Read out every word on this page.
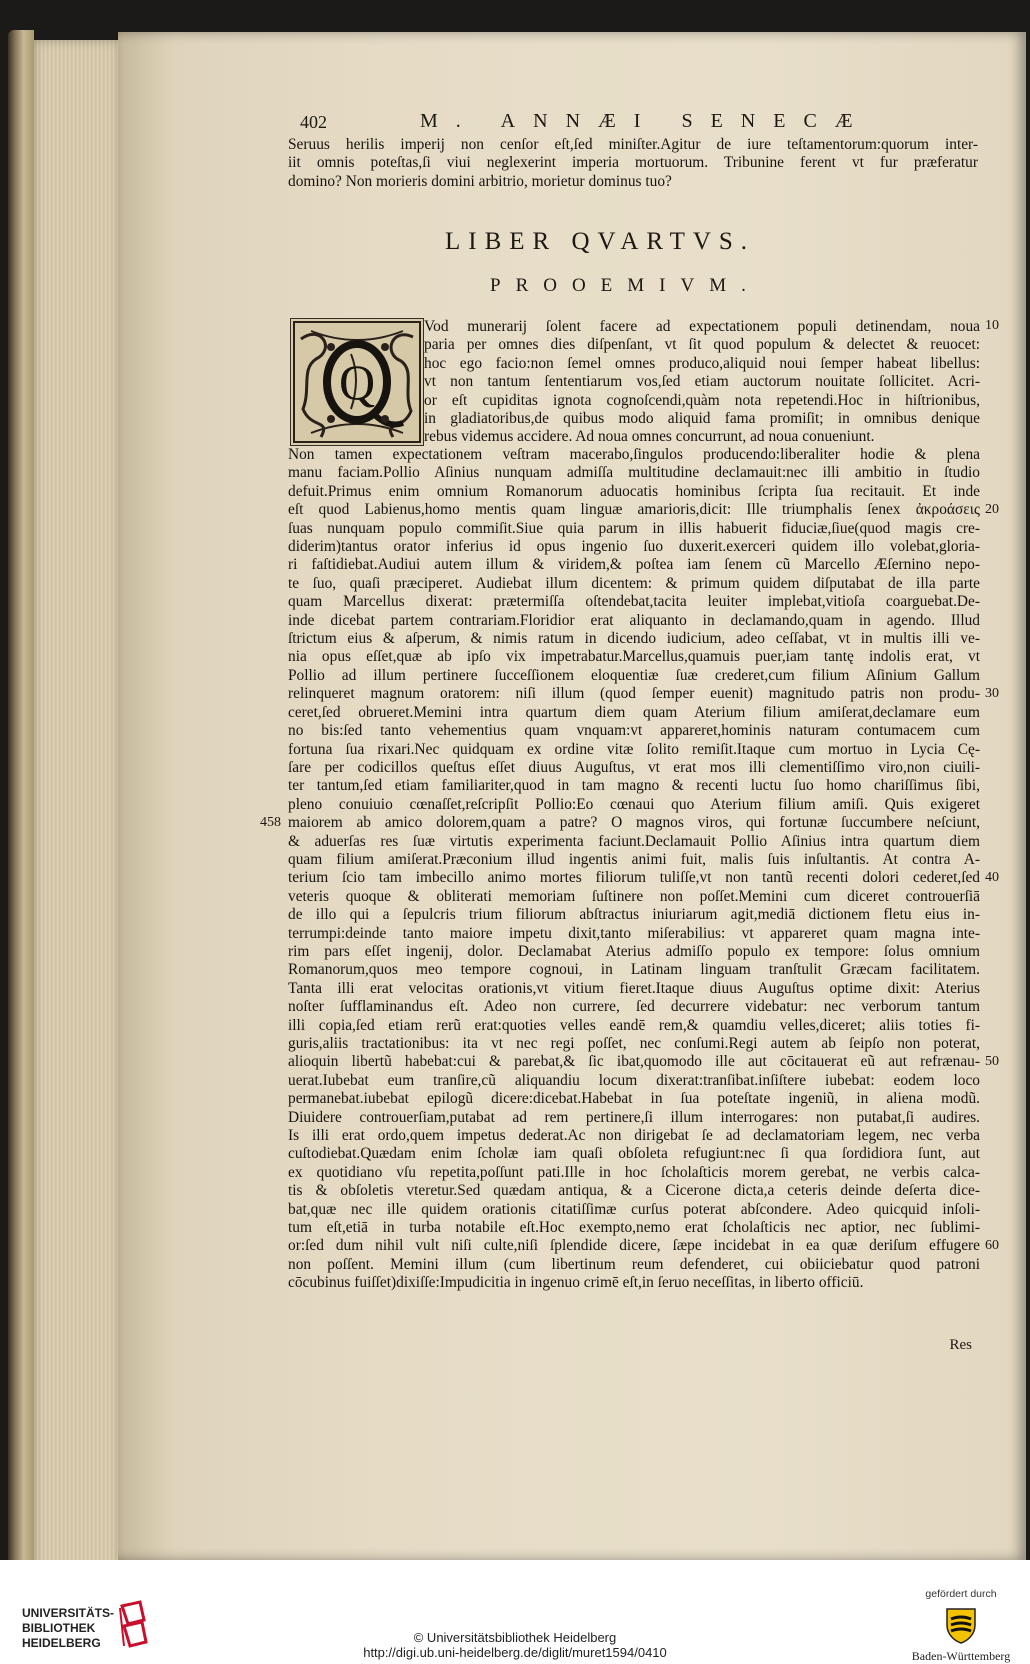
402	M. ANNÆI SENECÆ
Seruus herilis imperij non cenſor eſt,ſed miniſter.Agitur de iure teſtamentorum:quorum inter-
iit omnis poteſtas,ſi viui neglexerint imperia mortuorum. Tribunine ferent vt fur præferatur
domino? Non morieris domini arbitrio, morietur dominus tuo?
LIBER QVARTVS.
PROOEMIVM.
Q
Vod munerarij ſolent facere ad expectationem populi detinendam, noua
paria per omnes dies diſpenſant, vt ſit quod populum & delectet & reuocet:
hoc ego facio:non ſemel omnes produco,aliquid noui ſemper habeat libellus:
vt non tantum ſententiarum vos,ſed etiam auctorum nouitate ſollicitet. Acri-
or eſt cupiditas ignota cognoſcendi,quàm nota repetendi.Hoc in hiſtrionibus,
in gladiatoribus,de quibus modo aliquid fama promiſit; in omnibus denique
rebus videmus accidere. Ad noua omnes concurrunt, ad noua conueniunt.
Non tamen expectationem veſtram macerabo,ſingulos producendo:liberaliter hodie & plena
manu faciam.Pollio Aſinius nunquam admiſſa multitudine declamauit:nec illi ambitio in ſtudio
defuit.Primus enim omnium Romanorum aduocatis hominibus ſcripta ſua recitauit. Et inde
eſt quod Labienus,homo mentis quam linguæ amarioris,dicit: Ille triumphalis ſenex ἀκροάσεις
ſuas nunquam populo commiſit.Siue quia parum in illis habuerit fiduciæ,ſiue(quod magis cre-
diderim)tantus orator inferius id opus ingenio ſuo duxerit.exerceri quidem illo volebat,gloria-
ri faſtidiebat.Audiui autem illum & viridem,& poſtea iam ſenem cũ Marcello Æſernino nepo-
te ſuo, quaſi præciperet. Audiebat illum dicentem: & primum quidem diſputabat de illa parte
quam Marcellus dixerat: prætermiſſa oſtendebat,tacita leuiter implebat,vitioſa coarguebat.De-
inde dicebat partem contrariam.Floridior erat aliquanto in declamando,quam in agendo. Illud
ſtrictum eius & aſperum, & nimis ratum in dicendo iudicium, adeo ceſſabat, vt in multis illi ve-
nia opus eſſet,quæ ab ipſo vix impetrabatur.Marcellus,quamuis puer,iam tantę indolis erat, vt
Pollio ad illum pertinere ſucceſſionem eloquentiæ ſuæ crederet,cum filium Aſinium Gallum
relinqueret magnum oratorem: niſi illum (quod ſemper euenit) magnitudo patris non produ-
ceret,ſed obrueret.Memini intra quartum diem quam Aterium filium amiſerat,declamare eum
no bis:ſed tanto vehementius quam vnquam:vt appareret,hominis naturam contumacem cum
fortuna ſua rixari.Nec quidquam ex ordine vitæ ſolito remiſit.Itaque cum mortuo in Lycia Cę-
ſare per codicillos queſtus eſſet diuus Auguſtus, vt erat mos illi clementiſſimo viro,non ciuili-
ter tantum,ſed etiam familiariter,quod in tam magno & recenti luctu ſuo homo chariſſimus ſibi,
pleno conuiuio cœnaſſet,reſcripſit Pollio:Eo cœnaui quo Aterium filium amiſi. Quis exigeret
maiorem ab amico dolorem,quam a patre? O magnos viros, qui fortunæ ſuccumbere neſciunt,
& aduerſas res ſuæ virtutis experimenta faciunt.Declamauit Pollio Aſinius intra quartum diem
quam filium amiſerat.Præconium illud ingentis animi fuit, malis ſuis inſultantis. At contra A-
terium ſcio tam imbecillo animo mortes filiorum tuliſſe,vt non tantũ recenti dolori cederet,ſed
veteris quoque & obliterati memoriam ſuſtinere non poſſet.Memini cum diceret controuerſiā
de illo qui a ſepulcris trium filiorum abſtractus iniuriarum agit,mediā dictionem fletu eius in-
terrumpi:deinde tanto maiore impetu dixit,tanto miſerabilius: vt appareret quam magna inte-
rim pars eſſet ingenij, dolor. Declamabat Aterius admiſſo populo ex tempore: ſolus omnium
Romanorum,quos meo tempore cognoui, in Latinam linguam tranſtulit Græcam facilitatem.
Tanta illi erat velocitas orationis,vt vitium fieret.Itaque diuus Auguſtus optime dixit: Aterius
noſter ſufflaminandus eſt. Adeo non currere, ſed decurrere videbatur: nec verborum tantum
illi copia,ſed etiam rerũ erat:quoties velles eandē rem,& quamdiu velles,diceret; aliis toties fi-
guris,aliis tractationibus: ita vt nec regi poſſet, nec conſumi.Regi autem ab ſeipſo non poterat,
alioquin libertũ habebat:cui & parebat,& ſic ibat,quomodo ille aut cōcitauerat eũ aut refrænau-
uerat.Iubebat eum tranſire,cũ aliquandiu locum dixerat:tranſibat.inſiſtere iubebat: eodem loco
permanebat.iubebat epilogũ dicere:dicebat.Habebat in ſua poteſtate ingeniũ, in aliena modũ.
Diuidere controuerſiam,putabat ad rem pertinere,ſi illum interrogares: non putabat,ſi audires.
Is illi erat ordo,quem impetus dederat.Ac non dirigebat ſe ad declamatoriam legem, nec verba
cuſtodiebat.Quædam enim ſcholæ iam quaſi obſoleta refugiunt:nec ſi qua ſordidiora ſunt, aut
ex quotidiano vſu repetita,poſſunt pati.Ille in hoc ſcholaſticis morem gerebat, ne verbis calca-
tis & obſoletis vteretur.Sed quædam antiqua, & a Cicerone dicta,a ceteris deinde deſerta dice-
bat,quæ nec ille quidem orationis citatiſſimæ curſus poterat abſcondere. Adeo quicquid inſoli-
tum eſt,etiā in turba notabile eſt.Hoc exempto,nemo erat ſcholaſticis nec aptior, nec ſublimi-
or:ſed dum nihil vult niſi culte,niſi ſplendide dicere, ſæpe incidebat in ea quæ deriſum effugere
non poſſent. Memini illum (cum libertinum reum defenderet, cui obiiciebatur quod patroni
cōcubinus fuiſſet)dixiſſe:Impudicitia in ingenuo crimē eſt,in ſeruo neceſſitas, in liberto officiū.
10
20
30
458
40
50
60
Res
UNIVERSITÄTS-
BIBLIOTHEK
HEIDELBERG	© Universitätsbibliothek Heidelberg
http://digi.ub.uni-heidelberg.de/diglit/muret1594/0410
gefördert durch
Baden-Württemberg
